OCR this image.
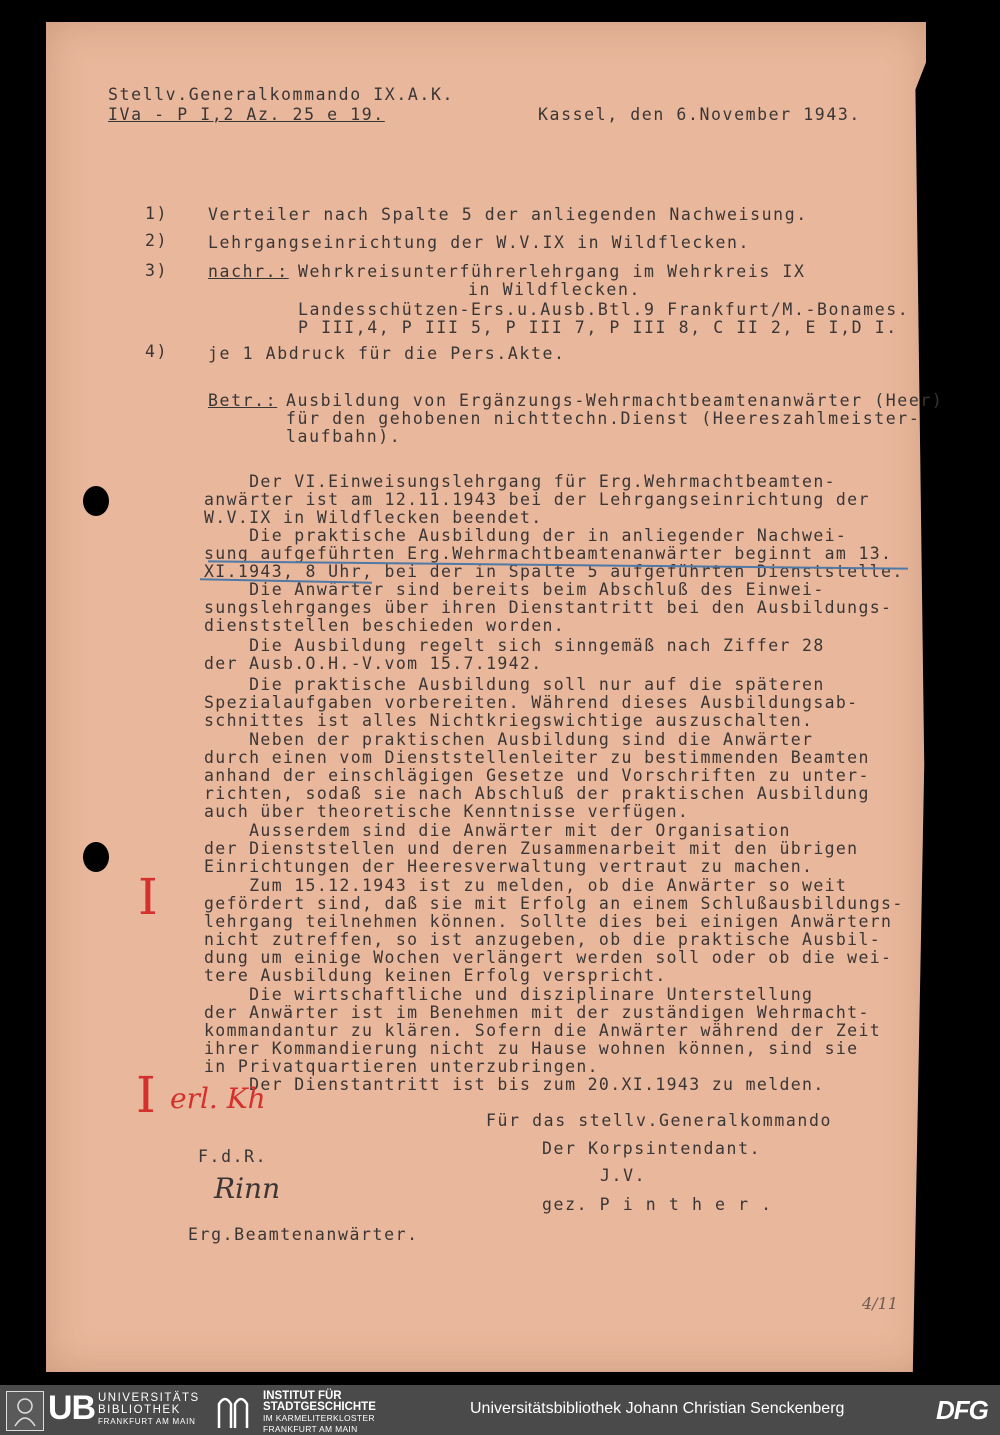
Stellv.Generalkommando IX.A.K.
IVa - P I,2 Az. 25 e 19.	Kassel, den 6.November 1943.
1) Verteiler nach Spalte 5 der anliegenden Nachweisung.
2) Lehrgangseinrichtung der W.V.IX in Wildflecken.
3) nachr.: Wehrkreisunterführerlehrgang im Wehrkreis IX
in Wildflecken.
Landesschützen-Ers.u.Ausb.Btl.9 Frankfurt/M.-Bonames.
P III,4, P III 5, P III 7, P III 8, C II 2, E I,D I.
4) je 1 Abdruck für die Pers.Akte.
Betr.: Ausbildung von Ergänzungs-Wehrmachtbeamtenanwärter (Heer)
für den gehobenen nichttechn.Dienst (Heereszahlmeister-
laufbahn).
Der VI.Einweisungslehrgang für Erg.Wehrmachtbeamten-
anwärter ist am 12.11.1943 bei der Lehrgangseinrichtung der
W.V.IX in Wildflecken beendet.
Die praktische Ausbildung der in anliegender Nachwei-
sung aufgeführten Erg.Wehrmachtbeamtenanwärter beginnt am 13.
XI.1943, 8 Uhr, bei der in Spalte 5 aufgeführten Dienststelle.
Die Anwärter sind bereits beim Abschluß des Einwei-
sungslehrganges über ihren Dienstantritt bei den Ausbildungs-
dienststellen beschieden worden.
Die Ausbildung regelt sich sinngemäß nach Ziffer 28
der Ausb.O.H.-V.vom 15.7.1942.
Die praktische Ausbildung soll nur auf die späteren
Spezialaufgaben vorbereiten. Während dieses Ausbildungsab-
schnittes ist alles Nichtkriegswichtige auszuschalten.
Neben der praktischen Ausbildung sind die Anwärter
durch einen vom Dienststellenleiter zu bestimmenden Beamten
anhand der einschlägigen Gesetze und Vorschriften zu unter-
richten, sodaß sie nach Abschluß der praktischen Ausbildung
auch über theoretische Kenntnisse verfügen.
Ausserdem sind die Anwärter mit der Organisation
der Dienststellen und deren Zusammenarbeit mit den übrigen
Einrichtungen der Heeresverwaltung vertraut zu machen.
Zum 15.12.1943 ist zu melden, ob die Anwärter so weit
gefördert sind, daß sie mit Erfolg an einem Schlußausbildungs-
lehrgang teilnehmen können. Sollte dies bei einigen Anwärtern
nicht zutreffen, so ist anzugeben, ob die praktische Ausbil-
dung um einige Wochen verlängert werden soll oder ob die wei-
tere Ausbildung keinen Erfolg verspricht.
Die wirtschaftliche und disziplinare Unterstellung
der Anwärter ist im Benehmen mit der zuständigen Wehrmacht-
kommandantur zu klären. Sofern die Anwärter während der Zeit
ihrer Kommandierung nicht zu Hause wohnen können, sind sie
in Privatquartieren unterzubringen.
Der Dienstantritt ist bis zum 20.XI.1943 zu melden.
Für das stellv.Generalkommando
Der Korpsintendant.
J.V.
gez. P i n t h e r .
F.d.R.
Rinn
Erg.Beamtenanwärter.
I
I erl. Kh
4/11
UB UNIVERSITÄTS
BIBLIOTHEK
FRANKFURT AM MAIN
INSTITUT FÜR
STADTGESCHICHTE
IM KARMELITERKLOSTER
FRANKFURT AM MAIN
Universitätsbibliothek Johann Christian Senckenberg	DFG
